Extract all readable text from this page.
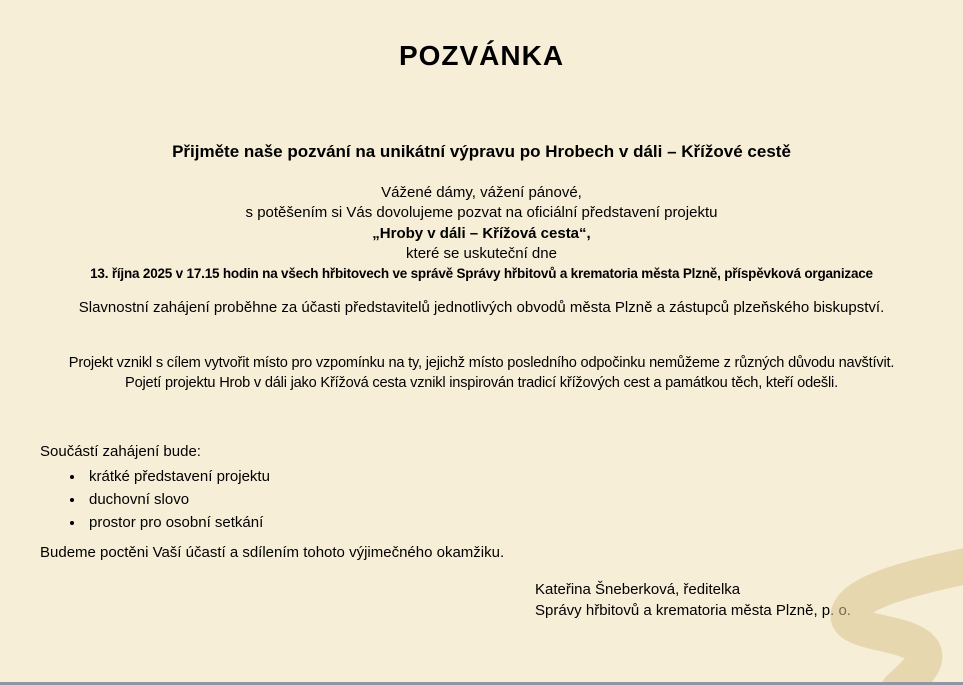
POZVÁNKA
Přijměte naše pozvání na unikátní výpravu po Hrobech v dáli – Křížové cestě
Vážené dámy, vážení pánové,
s potěšením si Vás dovolujeme pozvat na oficiální představení projektu
„Hroby v dáli – Křížová cesta“,
které se uskuteční dne
13. října 2025 v 17.15 hodin na všech hřbitovech ve správě Správy hřbitovů a krematoria města Plzně, příspěvková organizace
Slavnostní zahájení proběhne za účasti představitelů jednotlivých obvodů města Plzně a zástupců plzeňského biskupství.
Projekt vznikl s cílem vytvořit místo pro vzpomínku na ty, jejichž místo posledního odpočinku nemůžeme z různých důvodu navštívit.
Pojetí projektu Hrob v dáli jako Křížová cesta vznikl inspirován tradicí křížových cest a památkou těch, kteří odešli.
Součástí zahájení bude:
• krátké představení projektu
• duchovní slovo
• prostor pro osobní setkání
Budeme poctěni Vaší účastí a sdílením tohoto výjimečného okamžiku.
Kateřina Šneberková, ředitelka
Správy hřbitovů a krematoria města Plzně, p. o.
